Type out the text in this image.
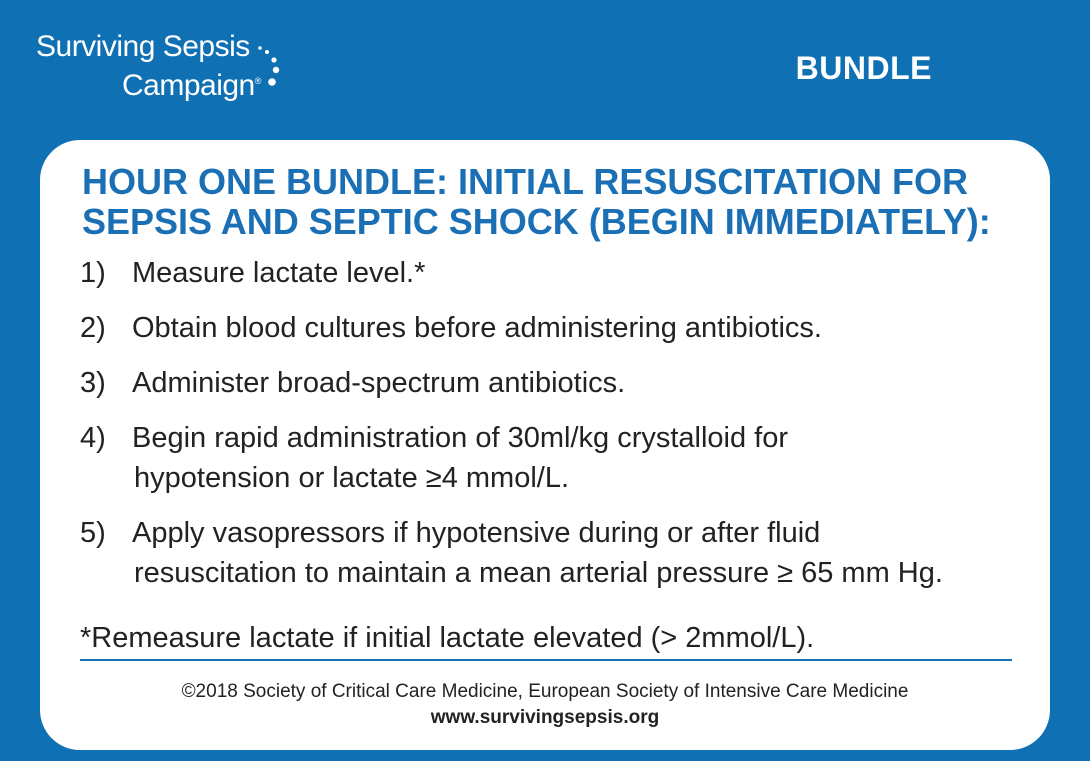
Surviving Sepsis
Campaign®	BUNDLE
HOUR ONE BUNDLE: INITIAL RESUSCITATION FOR
SEPSIS AND SEPTIC SHOCK (BEGIN IMMEDIATELY):
1) Measure lactate level.*
2) Obtain blood cultures before administering antibiotics.
3) Administer broad-spectrum antibiotics.
4) Begin rapid administration of 30ml/kg crystalloid for
hypotension or lactate ≥4 mmol/L.
5) Apply vasopressors if hypotensive during or after fluid
resuscitation to maintain a mean arterial pressure ≥ 65 mm Hg.
*Remeasure lactate if initial lactate elevated (> 2mmol/L).
©2018 Society of Critical Care Medicine, European Society of Intensive Care Medicine
www.survivingsepsis.org
